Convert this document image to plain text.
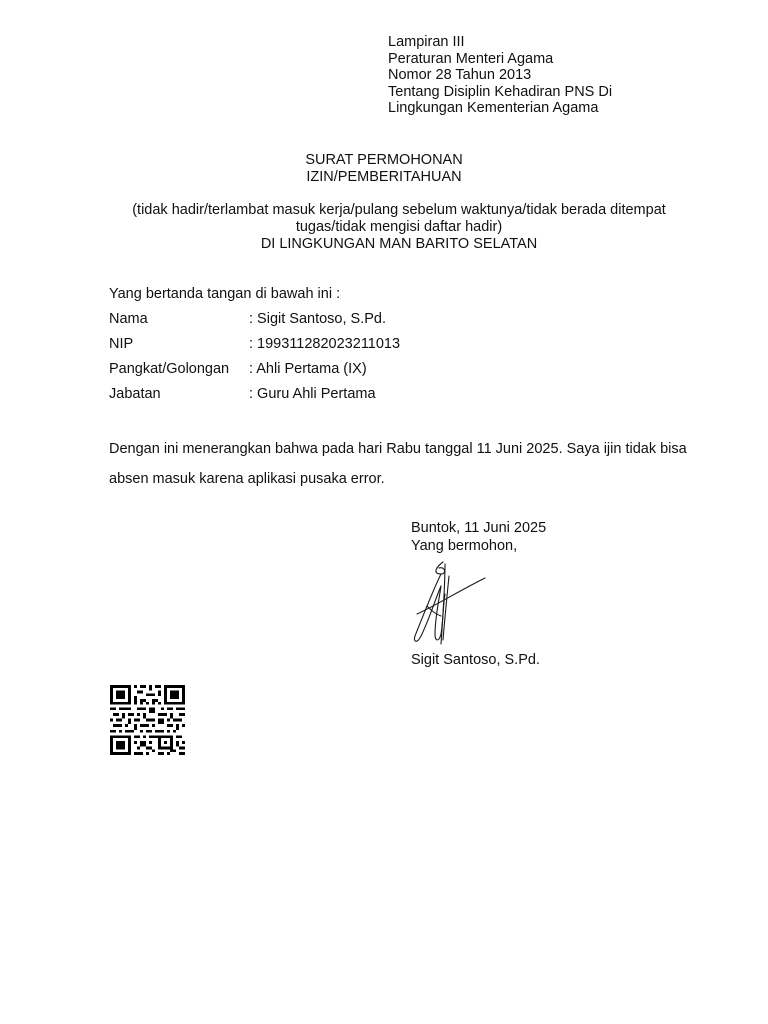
Lampiran III
Peraturan Menteri Agama
Nomor 28 Tahun 2013
Tentang Disiplin Kehadiran PNS Di
Lingkungan Kementerian Agama
SURAT PERMOHONAN
IZIN/PEMBERITAHUAN
(tidak hadir/terlambat masuk kerja/pulang sebelum waktunya/tidak berada ditempat
tugas/tidak mengisi daftar hadir)
DI LINGKUNGAN MAN BARITO SELATAN
Yang bertanda tangan di bawah ini :
Nama	: Sigit Santoso, S.Pd.
NIP	: 199311282023211013
Pangkat/Golongan : Ahli Pertama (IX)
Jabatan	: Guru Ahli Pertama
Dengan ini menerangkan bahwa pada hari Rabu tanggal 11 Juni 2025. Saya ijin tidak bisa absen masuk karena aplikasi pusaka error.
Buntok, 11 Juni 2025
Yang bermohon,
Sigit Santoso, S.Pd.
